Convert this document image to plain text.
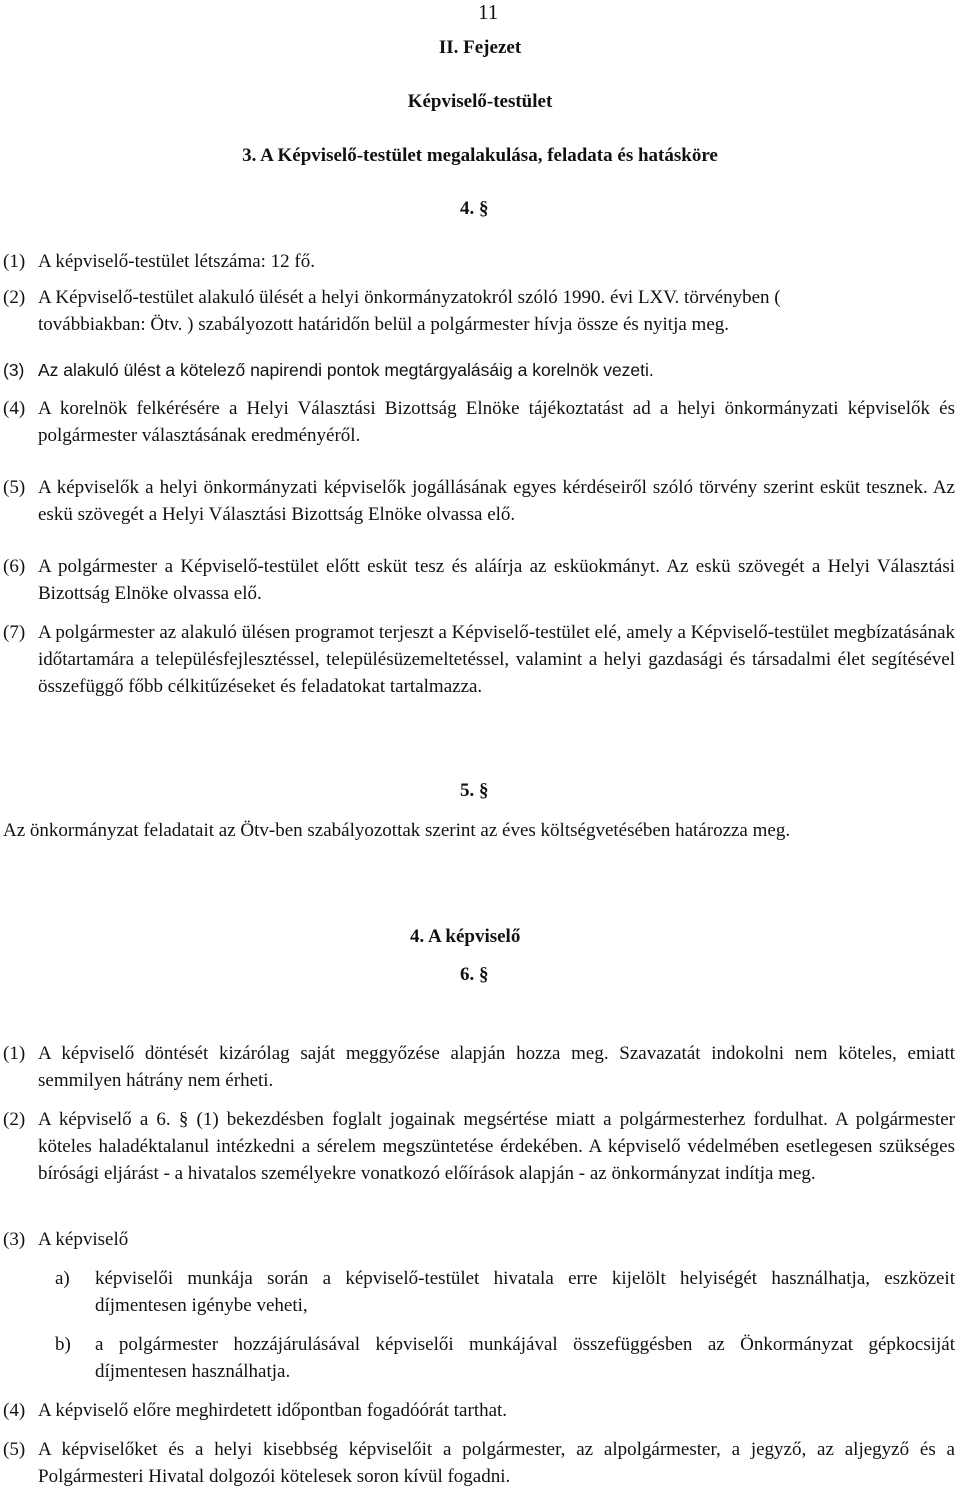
11
II. Fejezet
Képviselő-testület
3. A Képviselő-testület megalakulása, feladata és hatásköre
4. §
(1) A képviselő-testület létszáma: 12 fő.
(2) A Képviselő-testület alakuló ülését a helyi önkormányzatokról szóló 1990. évi LXV. törvényben ( továbbiakban: Ötv. ) szabályozott határidőn belül a polgármester hívja össze és nyitja meg.
(3) Az alakuló ülést a kötelező napirendi pontok megtárgyalásáig a korelnök vezeti.
(4) A korelnök felkérésére a Helyi Választási Bizottság Elnöke tájékoztatást ad a helyi önkormányzati képviselők és polgármester választásának eredményéről.
(5) A képviselők a helyi önkormányzati képviselők jogállásának egyes kérdéseiről szóló törvény szerint esküt tesznek. Az eskü szövegét a Helyi Választási Bizottság Elnöke olvassa elő.
(6) A polgármester a Képviselő-testület előtt esküt tesz és aláírja az esküokmányt. Az eskü szövegét a Helyi Választási Bizottság Elnöke olvassa elő.
(7) A polgármester az alakuló ülésen programot terjeszt a Képviselő-testület elé, amely a Képviselő-testület megbízatásának időtartamára a településfejlesztéssel, településüzemeltetéssel, valamint a helyi gazdasági és társadalmi élet segítésével összefüggő főbb célkitűzéseket és feladatokat tartalmazza.
5. §
Az önkormányzat feladatait az Ötv-ben szabályozottak szerint az éves költségvetésében határozza meg.
4. A képviselő
6. §
(1) A képviselő döntését kizárólag saját meggyőzése alapján hozza meg. Szavazatát indokolni nem köteles, emiatt semmilyen hátrány nem érheti.
(2) A képviselő a 6. § (1) bekezdésben foglalt jogainak megsértése miatt a polgármesterhez fordulhat. A polgármester köteles haladéktalanul intézkedni a sérelem megszüntetése érdekében. A képviselő védelmében esetlegesen szükséges bírósági eljárást - a hivatalos személyekre vonatkozó előírások alapján - az önkormányzat indítja meg.
(3) A képviselő
a) képviselői munkája során a képviselő-testület hivatala erre kijelölt helyiségét használhatja, eszközeit díjmentesen igénybe veheti,
b) a polgármester hozzájárulásával képviselői munkájával összefüggésben az Önkormányzat gépkocsiját díjmentesen használhatja.
(4) A képviselő előre meghirdetett időpontban fogadóórát tarthat.
(5) A képviselőket és a helyi kisebbség képviselőit a polgármester, az alpolgármester, a jegyző, az aljegyző és a Polgármesteri Hivatal dolgozói kötelesek soron kívül fogadni.
